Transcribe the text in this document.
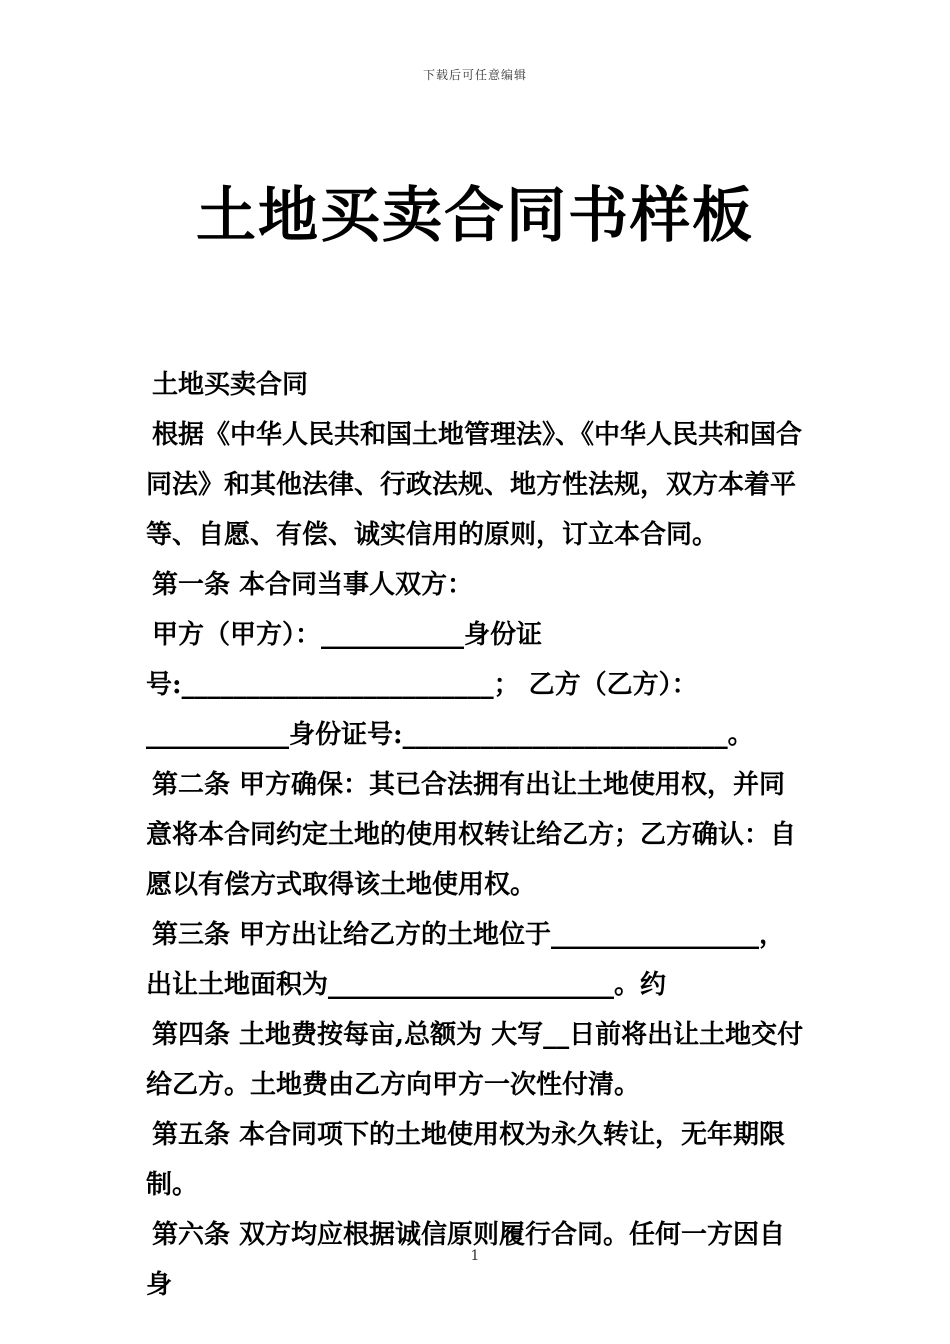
下载后可任意编辑
土地买卖合同书样板

土地买卖合同

根据《中华人民共和国土地管理法》、《中华人民共和国合同法》和其他法律、行政法规、地方性法规，双方本着平等、自愿、有偿、诚实信用的原则，订立本合同。

第一条 本合同当事人双方：

甲方（甲方）：___________身份证号:________________________； 乙方（乙方）：___________身份证号:_________________________。

第二条 甲方确保：其已合法拥有出让土地使用权，并同意将本合同约定土地的使用权转让给乙方；乙方确认：自愿以有偿方式取得该土地使用权。

第三条 甲方出让给乙方的土地位于________________，出让土地面积为______________________。约

第四条 土地费按每亩,总额为 大写__日前将出让土地交付给乙方。土地费由乙方向甲方一次性付清。

第五条 本合同项下的土地使用权为永久转让，无年期限制。

第六条 双方均应根据诚信原则履行合同。任何一方因自身

1
